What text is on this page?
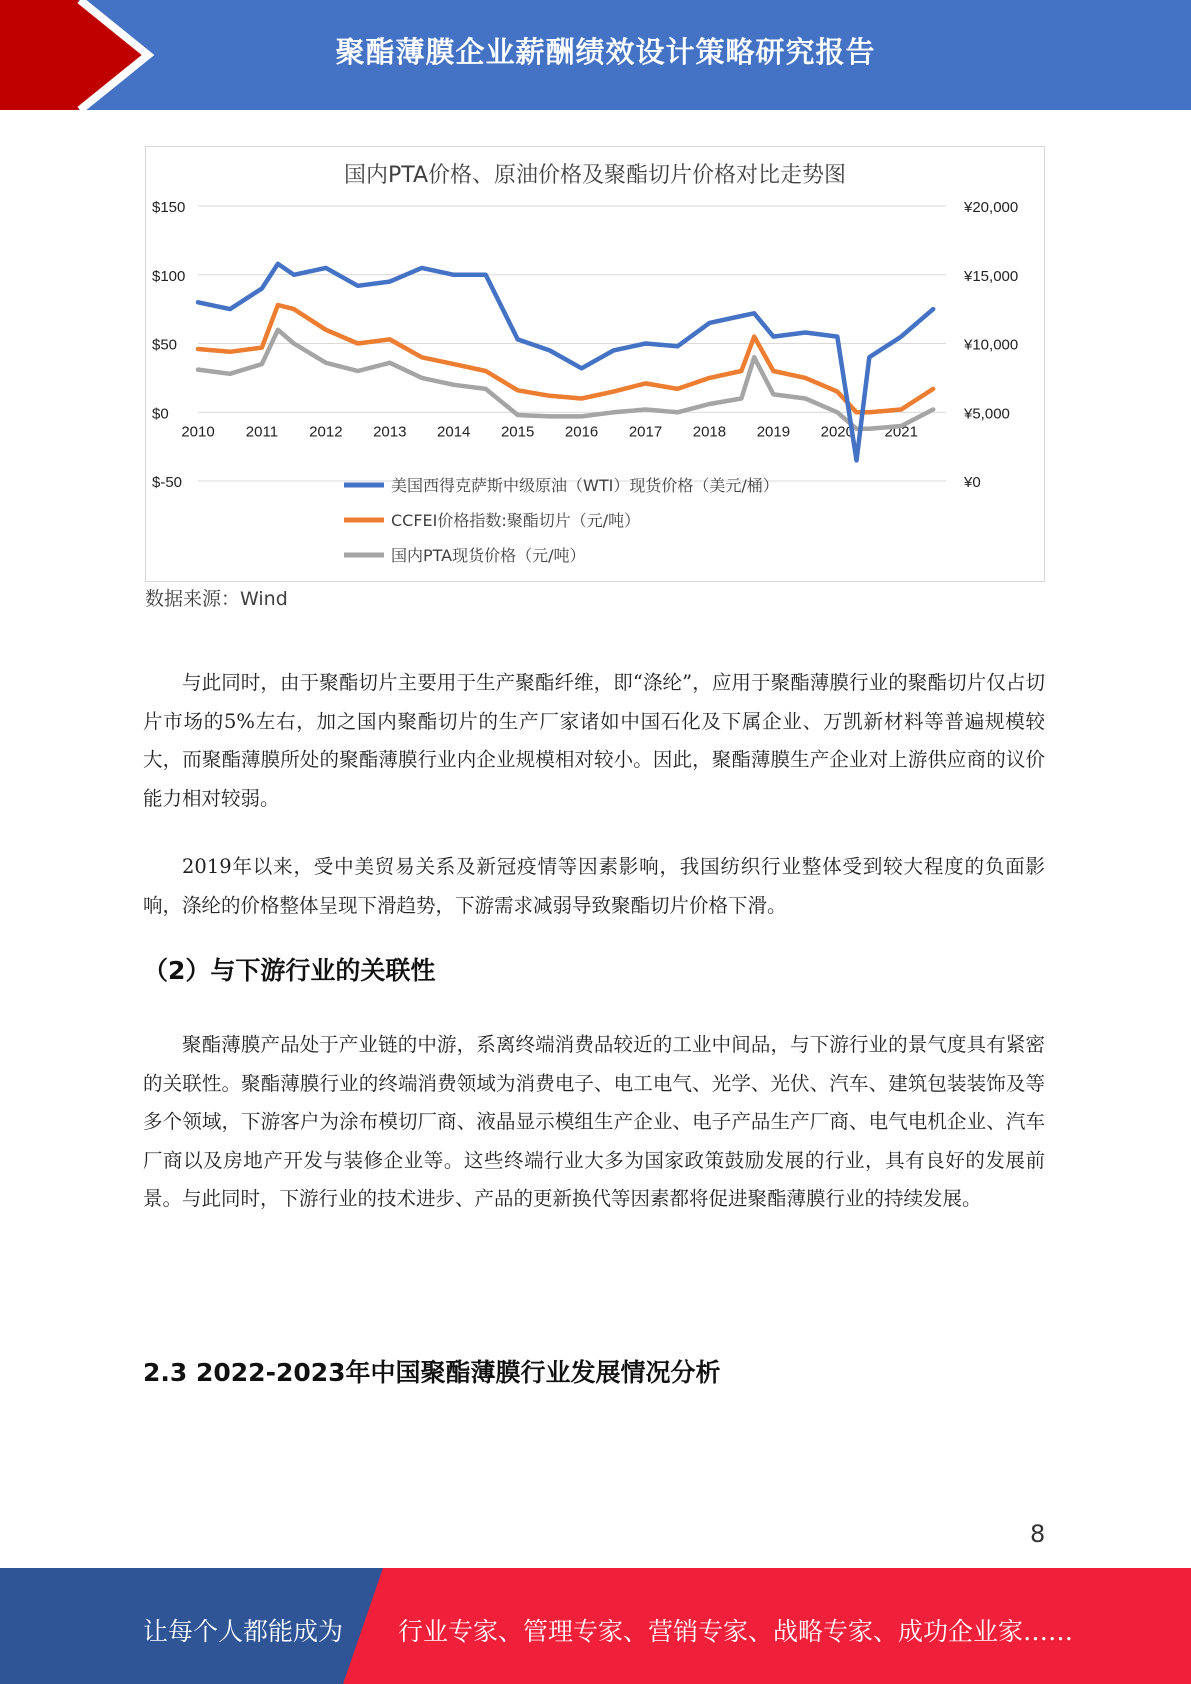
聚酯薄膜企业薪酬绩效设计策略研究报告
国内PTA价格、原油价格及聚酯切片价格对比走势图
$150	¥20,000
$100	¥15,000
$50	¥10,000
$0	¥5,000
$-50	¥0
2010 2011 2012 2013 2014 2015 2016 2017 2018 2019 2020 2021
美国西得克萨斯中级原油（WTI）现货价格（美元/桶）
CCFEI价格指数:聚酯切片（元/吨）
国内PTA现货价格（元/吨）
数据来源：Wind

与此同时，由于聚酯切片主要用于生产聚酯纤维，即“涤纶”，应用于聚酯薄膜行业的聚酯切片仅占切片市场的5%左右，加之国内聚酯切片的生产厂家诸如中国石化及下属企业、万凯新材料等普遍规模较大，而聚酯薄膜所处的聚酯薄膜行业内企业规模相对较小。因此，聚酯薄膜生产企业对上游供应商的议价能力相对较弱。

2019年以来，受中美贸易关系及新冠疫情等因素影响，我国纺织行业整体受到较大程度的负面影响，涤纶的价格整体呈现下滑趋势，下游需求减弱导致聚酯切片价格下滑。

（2）与下游行业的关联性

聚酯薄膜产品处于产业链的中游，系离终端消费品较近的工业中间品，与下游行业的景气度具有紧密的关联性。聚酯薄膜行业的终端消费领域为消费电子、电工电气、光学、光伏、汽车、建筑包装装饰及等多个领域，下游客户为涂布模切厂商、液晶显示模组生产企业、电子产品生产厂商、电气电机企业、汽车厂商以及房地产开发与装修企业等。这些终端行业大多为国家政策鼓励发展的行业，具有良好的发展前景。与此同时，下游行业的技术进步、产品的更新换代等因素都将促进聚酯薄膜行业的持续发展。

2.3 2022-2023年中国聚酯薄膜行业发展情况分析
8
让每个人都能成为 行业专家、管理专家、营销专家、战略专家、成功企业家……
